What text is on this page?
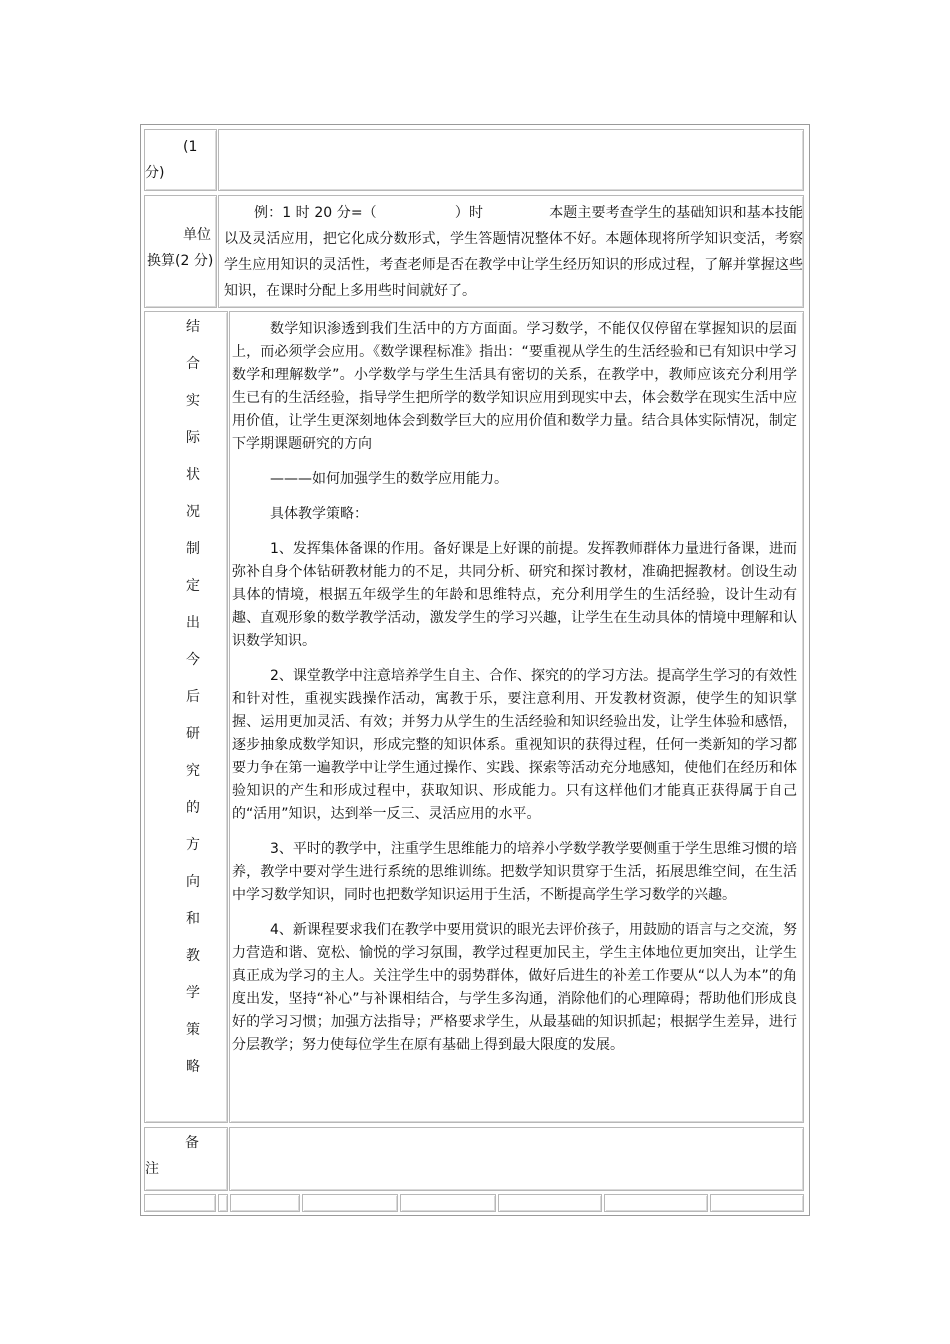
(1
分)
单位
换算(2 分)

例：1 时 20 分=（	）时	本题主要考查学生的基础知识和基本技能以及灵活应用，把它化成分数形式，学生答题情况整体不好。本题体现将所学知识变活，考察学生应用知识的灵活性，考查老师是否在教学中让学生经历知识的形成过程，了解并掌握这些知识，在课时分配上多用些时间就好了。

结
合
实
际
状
况
制
定
出
今
后
研
究
的
方
向
和
教
学
策
略

数学知识渗透到我们生活中的方方面面。学习数学，不能仅仅停留在掌握知识的层面上，而必须学会应用。《数学课程标准》指出：“要重视从学生的生活经验和已有知识中学习数学和理解数学”。小学数学与学生生活具有密切的关系，在教学中，教师应该充分利用学生已有的生活经验，指导学生把所学的数学知识应用到现实中去，体会数学在现实生活中应用价值，让学生更深刻地体会到数学巨大的应用价值和数学力量。结合具体实际情况，制定下学期课题研究的方向

———如何加强学生的数学应用能力。

具体教学策略：

1、发挥集体备课的作用。备好课是上好课的前提。发挥教师群体力量进行备课，进而弥补自身个体钻研教材能力的不足，共同分析、研究和探讨教材，准确把握教材。创设生动具体的情境，根据五年级学生的年龄和思维特点，充分利用学生的生活经验，设计生动有趣、直观形象的数学教学活动，激发学生的学习兴趣，让学生在生动具体的情境中理解和认识数学知识。

2、课堂教学中注意培养学生自主、合作、探究的的学习方法。提高学生学习的有效性和针对性，重视实践操作活动，寓教于乐，要注意利用、开发教材资源，使学生的知识掌握、运用更加灵活、有效；并努力从学生的生活经验和知识经验出发，让学生体验和感悟，逐步抽象成数学知识，形成完整的知识体系。重视知识的获得过程，任何一类新知的学习都要力争在第一遍教学中让学生通过操作、实践、探索等活动充分地感知，使他们在经历和体验知识的产生和形成过程中，获取知识、形成能力。只有这样他们才能真正获得属于自己的“活用”知识，达到举一反三、灵活应用的水平。

3、平时的教学中，注重学生思维能力的培养小学数学教学要侧重于学生思维习惯的培养，教学中要对学生进行系统的思维训练。把数学知识贯穿于生活，拓展思维空间，在生活中学习数学知识，同时也把数学知识运用于生活，不断提高学生学习数学的兴趣。

4、新课程要求我们在教学中要用赏识的眼光去评价孩子，用鼓励的语言与之交流，努力营造和谐、宽松、愉悦的学习氛围，教学过程更加民主，学生主体地位更加突出，让学生真正成为学习的主人。关注学生中的弱势群体，做好后进生的补差工作要从“以人为本”的角度出发，坚持“补心”与补课相结合，与学生多沟通，消除他们的心理障碍；帮助他们形成良好的学习习惯；加强方法指导；严格要求学生，从最基础的知识抓起；根据学生差异，进行分层教学；努力使每位学生在原有基础上得到最大限度的发展。

备
注
